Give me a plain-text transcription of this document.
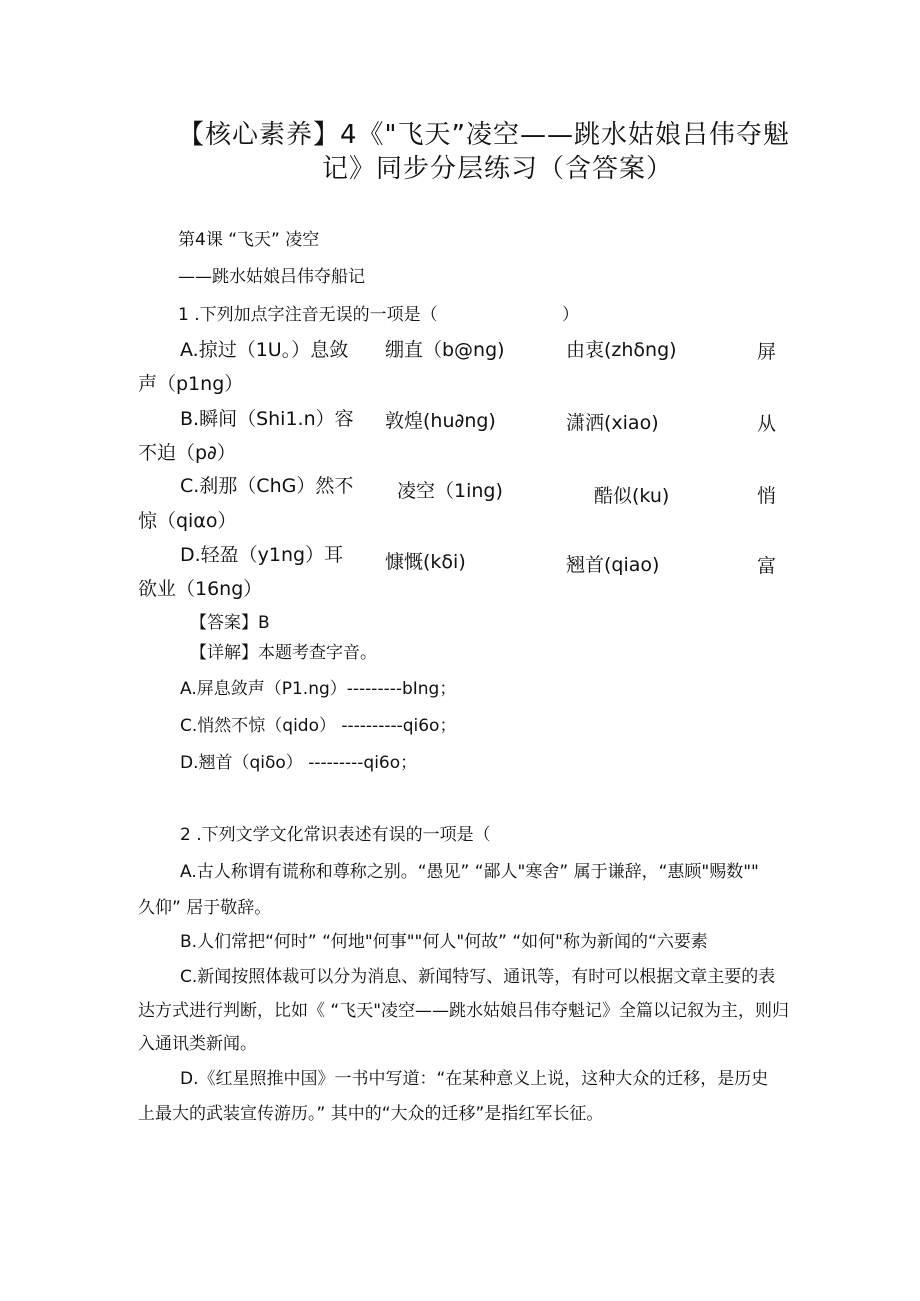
【核心素养】4《"飞天”凌空——跳水姑娘吕伟夺魁
记》同步分层练习（含答案）
第4课 “飞天” 凌空
——跳水姑娘吕伟夺船记
1 .下列加点字注音无误的一项是（	）
A.掠过（1U。）息敛 绷直（b@ng)	由衷(zhδng)	屏
声（p1ng）
B.瞬间（Shi1.n）容 敦煌(hu∂ng)	潇洒(xiao)	从
不迫（p∂）
C.刹那（ChG）然不 凌空（1ing)	酷似(ku)	悄
惊（qiαo）
D.轻盈（y1ng）耳 慷慨(kδi)	翘首(qiao)	富
欲业（16ng）
【答案】B
【详解】本题考查字音。
A.屏息敛声（P1.ng）---------bIng；
C.悄然不惊（qido） ----------qi6o；
D.翘首（qiδo） ---------qi6o；
2 .下列文学文化常识表述有误的一项是（
A.古人称谓有谎称和尊称之别。“愚见” “鄙人"寒舍” 属于谦辞，“惠顾"赐数""
久仰” 居于敬辞。
B.人们常把“何时” “何地"何事""何人"何故” “如何"称为新闻的“六要素
C.新闻按照体裁可以分为消息、新闻特写、通讯等，有时可以根据文章主要的表
达方式进行判断，比如《 “飞天"凌空——跳水姑娘吕伟夺魁记》全篇以记叙为主，则归
入通讯类新闻。
D.《红星照推中国》一书中写道：“在某种意义上说，这种大众的迁移，是历史
上最大的武装宣传游历。” 其中的“大众的迁移”是指红军长征。
